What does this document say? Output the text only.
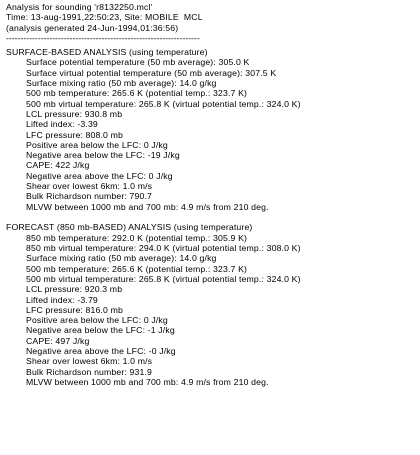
Analysis for sounding 'r8132250.mcl'
Time: 13-aug-1991,22:50:23, Site: MOBILE  MCL
(analysis generated 24-Jun-1994,01:36:56)
-------------------------------------------------------------------
SURFACE-BASED ANALYSIS (using temperature)
Surface potential temperature (50 mb average): 305.0 K
Surface virtual potential temperature (50 mb average): 307.5 K
Surface mixing ratio (50 mb average): 14.0 g/kg
500 mb temperature: 265.6 K (potential temp.: 323.7 K)
500 mb virtual temperature: 265.8 K (virtual potential temp.: 324.0 K)
LCL pressure: 930.8 mb
Lifted index: -3.39
LFC pressure: 808.0 mb
Positive area below the LFC: 0 J/kg
Negative area below the LFC: -19 J/kg
CAPE: 422 J/kg
Negative area above the LFC: 0 J/kg
Shear over lowest 6km: 1.0 m/s
Bulk Richardson number: 790.7
MLVW between 1000 mb and 700 mb: 4.9 m/s from 210 deg.
FORECAST (850 mb-BASED) ANALYSIS (using temperature)
850 mb temperature: 292.0 K (potential temp.: 305.9 K)
850 mb virtual temperature: 294.0 K (virtual potential temp.: 308.0 K)
Surface mixing ratio (50 mb average): 14.0 g/kg
500 mb temperature: 265.6 K (potential temp.: 323.7 K)
500 mb virtual temperature: 265.8 K (virtual potential temp.: 324.0 K)
LCL pressure: 920.3 mb
Lifted index: -3.79
LFC pressure: 816.0 mb
Positive area below the LFC: 0 J/kg
Negative area below the LFC: -1 J/kg
CAPE: 497 J/kg
Negative area above the LFC: -0 J/kg
Shear over lowest 6km: 1.0 m/s
Bulk Richardson number: 931.9
MLVW between 1000 mb and 700 mb: 4.9 m/s from 210 deg.
